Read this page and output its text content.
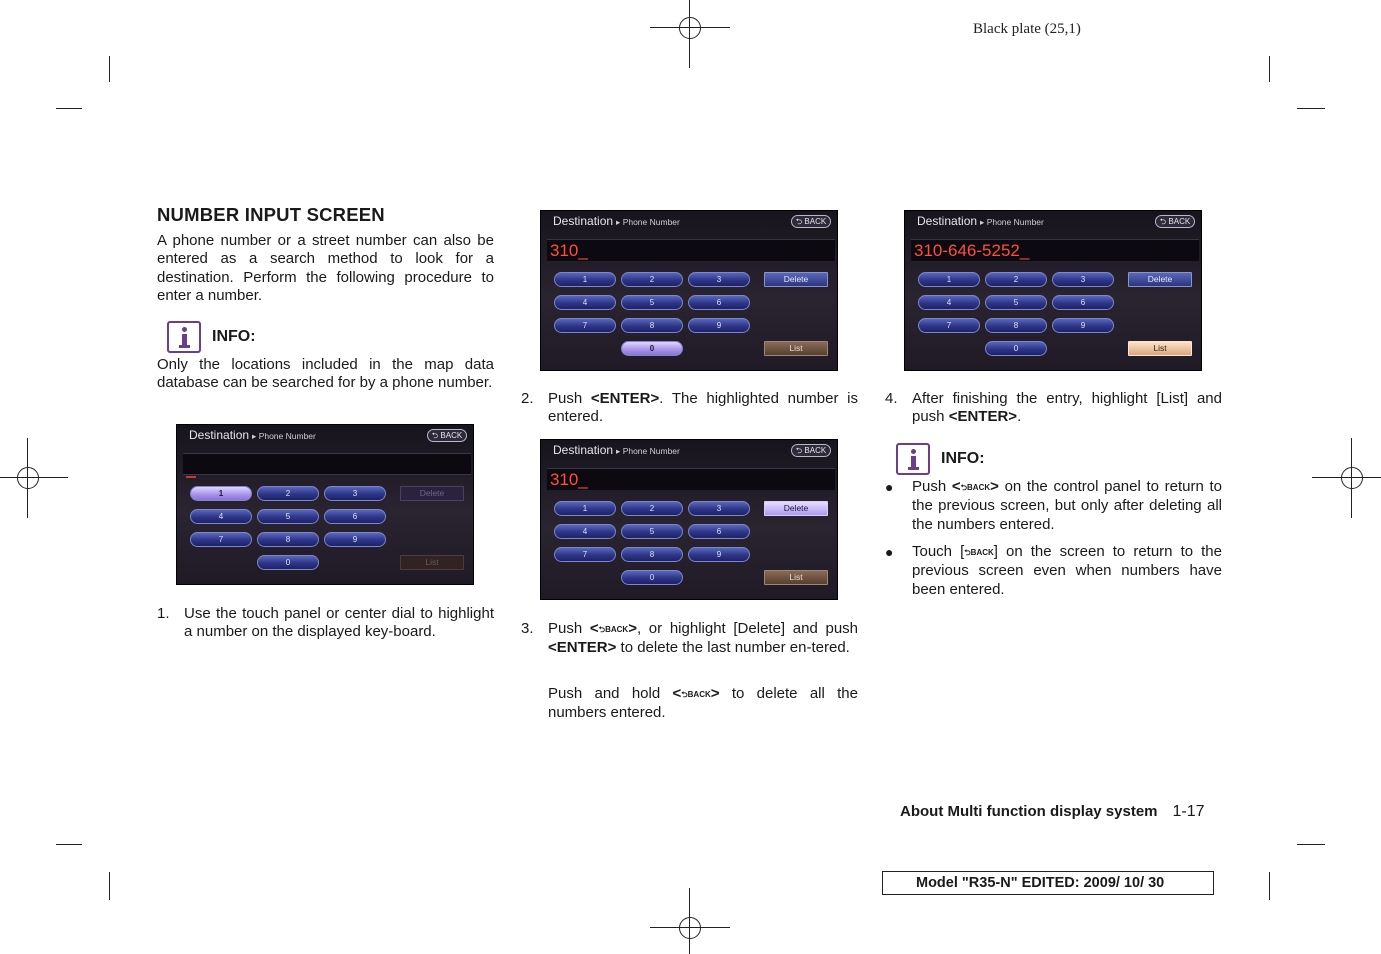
Black plate (25,1)
NUMBER INPUT SCREEN
A phone number or a street number can also be entered as a search method to look for a destination. Perform the following procedure to enter a number.
INFO:
Only the locations included in the map data database can be searched for by a phone number.
Destination ▸ Phone Number	⮌ BACK
1	2	3
4	5	6
7	8	9
0
Delete
List
1. Use the touch panel or center dial to highlight a number on the displayed key-board.
Destination ▸ Phone Number	⮌ BACK
310_
1	2	3
4	5	6
7	8	9
0
Delete
List
2. Push <ENTER>. The highlighted number is entered.
Destination ▸ Phone Number	⮌ BACK
310_
1	2	3
4	5	6
7	8	9
0
Delete
List
3. Push <⮌BACK>, or highlight [Delete] and push <ENTER> to delete the last number en-tered.
Push and hold <⮌BACK> to delete all the numbers entered.
Destination ▸ Phone Number	⮌ BACK
310-646-5252_
1	2	3
4	5	6
7	8	9
0
Delete
List
4. After finishing the entry, highlight [List] and push <ENTER>.
INFO:
● Push <⮌BACK> on the control panel to return to the previous screen, but only after deleting all the numbers entered.
● Touch [⮌BACK] on the screen to return to the previous screen even when numbers have been entered.
About Multi function display system 1-17
Model "R35-N" EDITED: 2009/ 10/ 30
